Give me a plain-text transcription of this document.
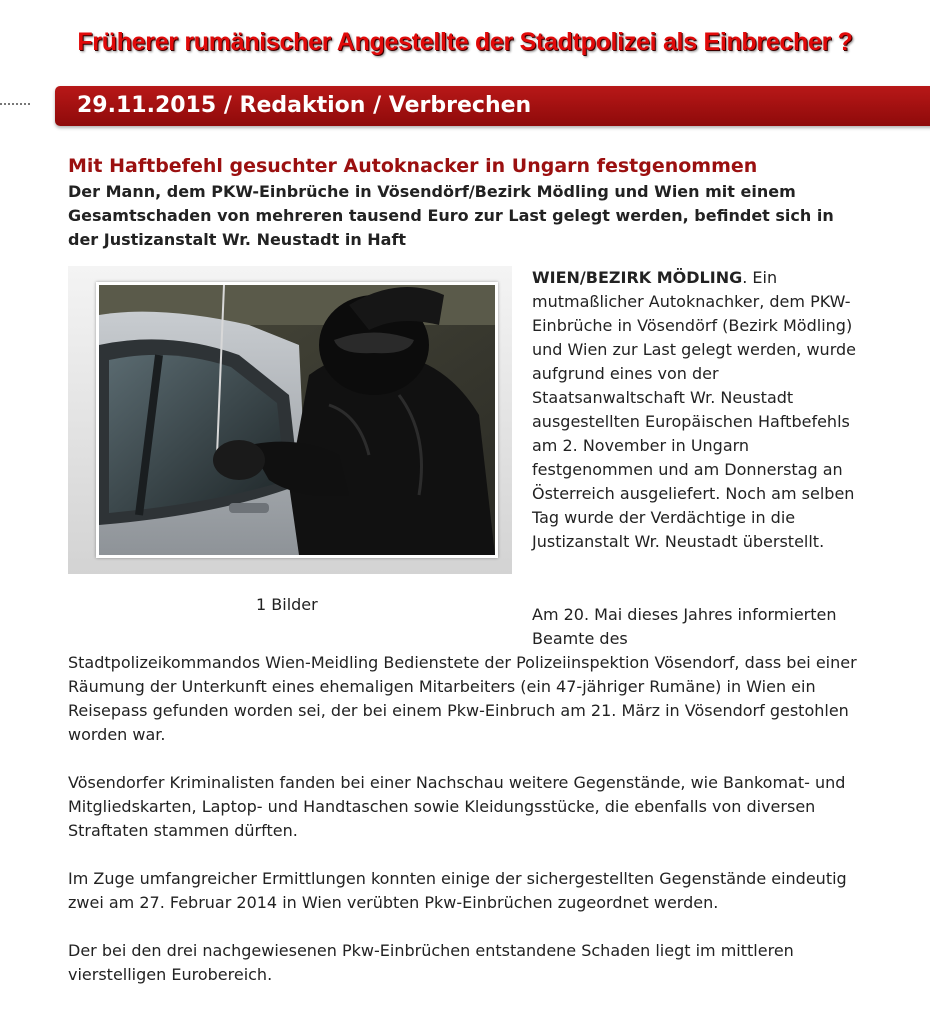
Früherer rumänischer Angestellte der Stadtpolizei als Einbrecher ?
29.11.2015 / Redaktion / Verbrechen
Mit Haftbefehl gesuchter Autoknacker in Ungarn festgenommen
Der Mann, dem PKW-Einbrüche in Vösendörf/Bezirk Mödling und Wien mit einem Gesamtschaden von mehreren tausend Euro zur Last gelegt werden, befindet sich in der Justizanstalt Wr. Neustadt in Haft
1 Bilder
WIEN/BEZIRK MÖDLING. Ein mutmaßlicher Autoknachker, dem PKW-Einbrüche in Vösendörf (Bezirk Mödling) und Wien zur Last gelegt werden, wurde aufgrund eines von der Staatsanwaltschaft Wr. Neustadt ausgestellten Europäischen Haftbefehls am 2. November in Ungarn festgenommen und am Donnerstag an Österreich ausgeliefert. Noch am selben Tag wurde der Verdächtige in die Justizanstalt Wr. Neustadt überstellt.
Am 20. Mai dieses Jahres informierten Beamte des
Stadtpolizeikommandos Wien-Meidling Bedienstete der Polizeiinspektion Vösendorf, dass bei einer Räumung der Unterkunft eines ehemaligen Mitarbeiters (ein 47-jähriger Rumäne) in Wien ein Reisepass gefunden worden sei, der bei einem Pkw-Einbruch am 21. März in Vösendorf gestohlen worden war.
Vösendorfer Kriminalisten fanden bei einer Nachschau weitere Gegenstände, wie Bankomat- und Mitgliedskarten, Laptop- und Handtaschen sowie Kleidungsstücke, die ebenfalls von diversen Straftaten stammen dürften.
Im Zuge umfangreicher Ermittlungen konnten einige der sichergestellten Gegenstände eindeutig zwei am 27. Februar 2014 in Wien verübten Pkw-Einbrüchen zugeordnet werden.
Der bei den drei nachgewiesenen Pkw-Einbrüchen entstandene Schaden liegt im mittleren vierstelligen Eurobereich.
